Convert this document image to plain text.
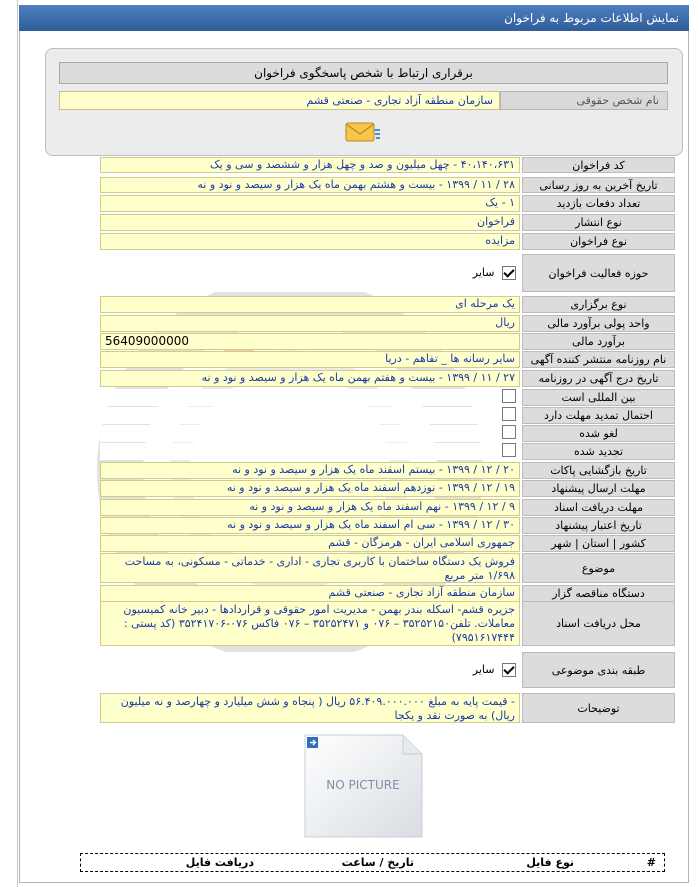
نمایش اطلاعات مربوط به فراخوان
برقراری ارتباط با شخص پاسخگوی فراخوان
نام شخص حقوقی
سازمان منطقه آزاد تجاری - صنعتی قشم
کد فراخوان
۴۰،۱۴۰،۶۳۱ - چهل میلیون و صد و چهل هزار و ششصد و سی و یک
تاریخ آخرین به روز رسانی
۲۸ / ۱۱ / ۱۳۹۹ - بیست و هشتم بهمن ماه یک هزار و سیصد و نود و نه
تعداد دفعات بازدید
۱ - یک
نوع انتشار
فراخوان
نوع فراخوان
مزایده
حوزه فعالیت فراخوان
سایر
نوع برگزاری
یک مرحله ای
واحد پولی برآورد مالی
ریال
برآورد مالی
56409000000
نام روزنامه منتشر کننده آگهی
سایر رسانه ها _ تفاهم - دریا
تاریخ درج آگهی در روزنامه
۲۷ / ۱۱ / ۱۳۹۹ - بیست و هفتم بهمن ماه یک هزار و سیصد و نود و نه
بین المللی است
احتمال تمدید مهلت دارد
لغو شده
تجدید شده
تاریخ بازگشایی پاکات
۲۰ / ۱۲ / ۱۳۹۹ - بیستم اسفند ماه یک هزار و سیصد و نود و نه
مهلت ارسال پیشنهاد
۱۹ / ۱۲ / ۱۳۹۹ - نوزدهم اسفند ماه یک هزار و سیصد و نود و نه
مهلت دریافت اسناد
۹ / ۱۲ / ۱۳۹۹ - نهم اسفند ماه یک هزار و سیصد و نود و نه
تاریخ اعتبار پیشنهاد
۳۰ / ۱۲ / ۱۳۹۹ - سی ام اسفند ماه یک هزار و سیصد و نود و نه
کشور | استان | شهر
جمهوری اسلامی ایران - هرمزگان - قشم
موضوع
فروش یک دستگاه ساختمان با کاربری تجاری - اداری - خدماتی - مسکونی، به مساحت ۱/۶۹۸ متر مربع
دستگاه مناقصه گزار
سازمان منطقه آزاد تجاری - صنعتی قشم
محل دریافت اسناد
جزیره قشم- اسکله بندر بهمن - مدیریت امور حقوقی و قراردادها - دبیر خانه کمیسیون معاملات. تلفن۳۵۲۵۲۱۵۰ – ۰۷۶ و ۳۵۲۵۲۴۷۱ – ۰۷۶ فاکس ۰۷۶-۳۵۲۴۱۷۰۶ (کد پستی : ۷۹۵۱۶۱۷۴۴۴)
طبقه بندی موضوعی
سایر
توضیحات
- قیمت پایه به مبلغ ۵۶.۴۰۹.۰۰۰.۰۰۰ ریال ( پنجاه و شش میلیارد و چهارصد و نه میلیون ریال) به صورت نقد و یکجا
NO PICTURE
#
نوع فایل
تاریخ / ساعت
دریافت فایل
